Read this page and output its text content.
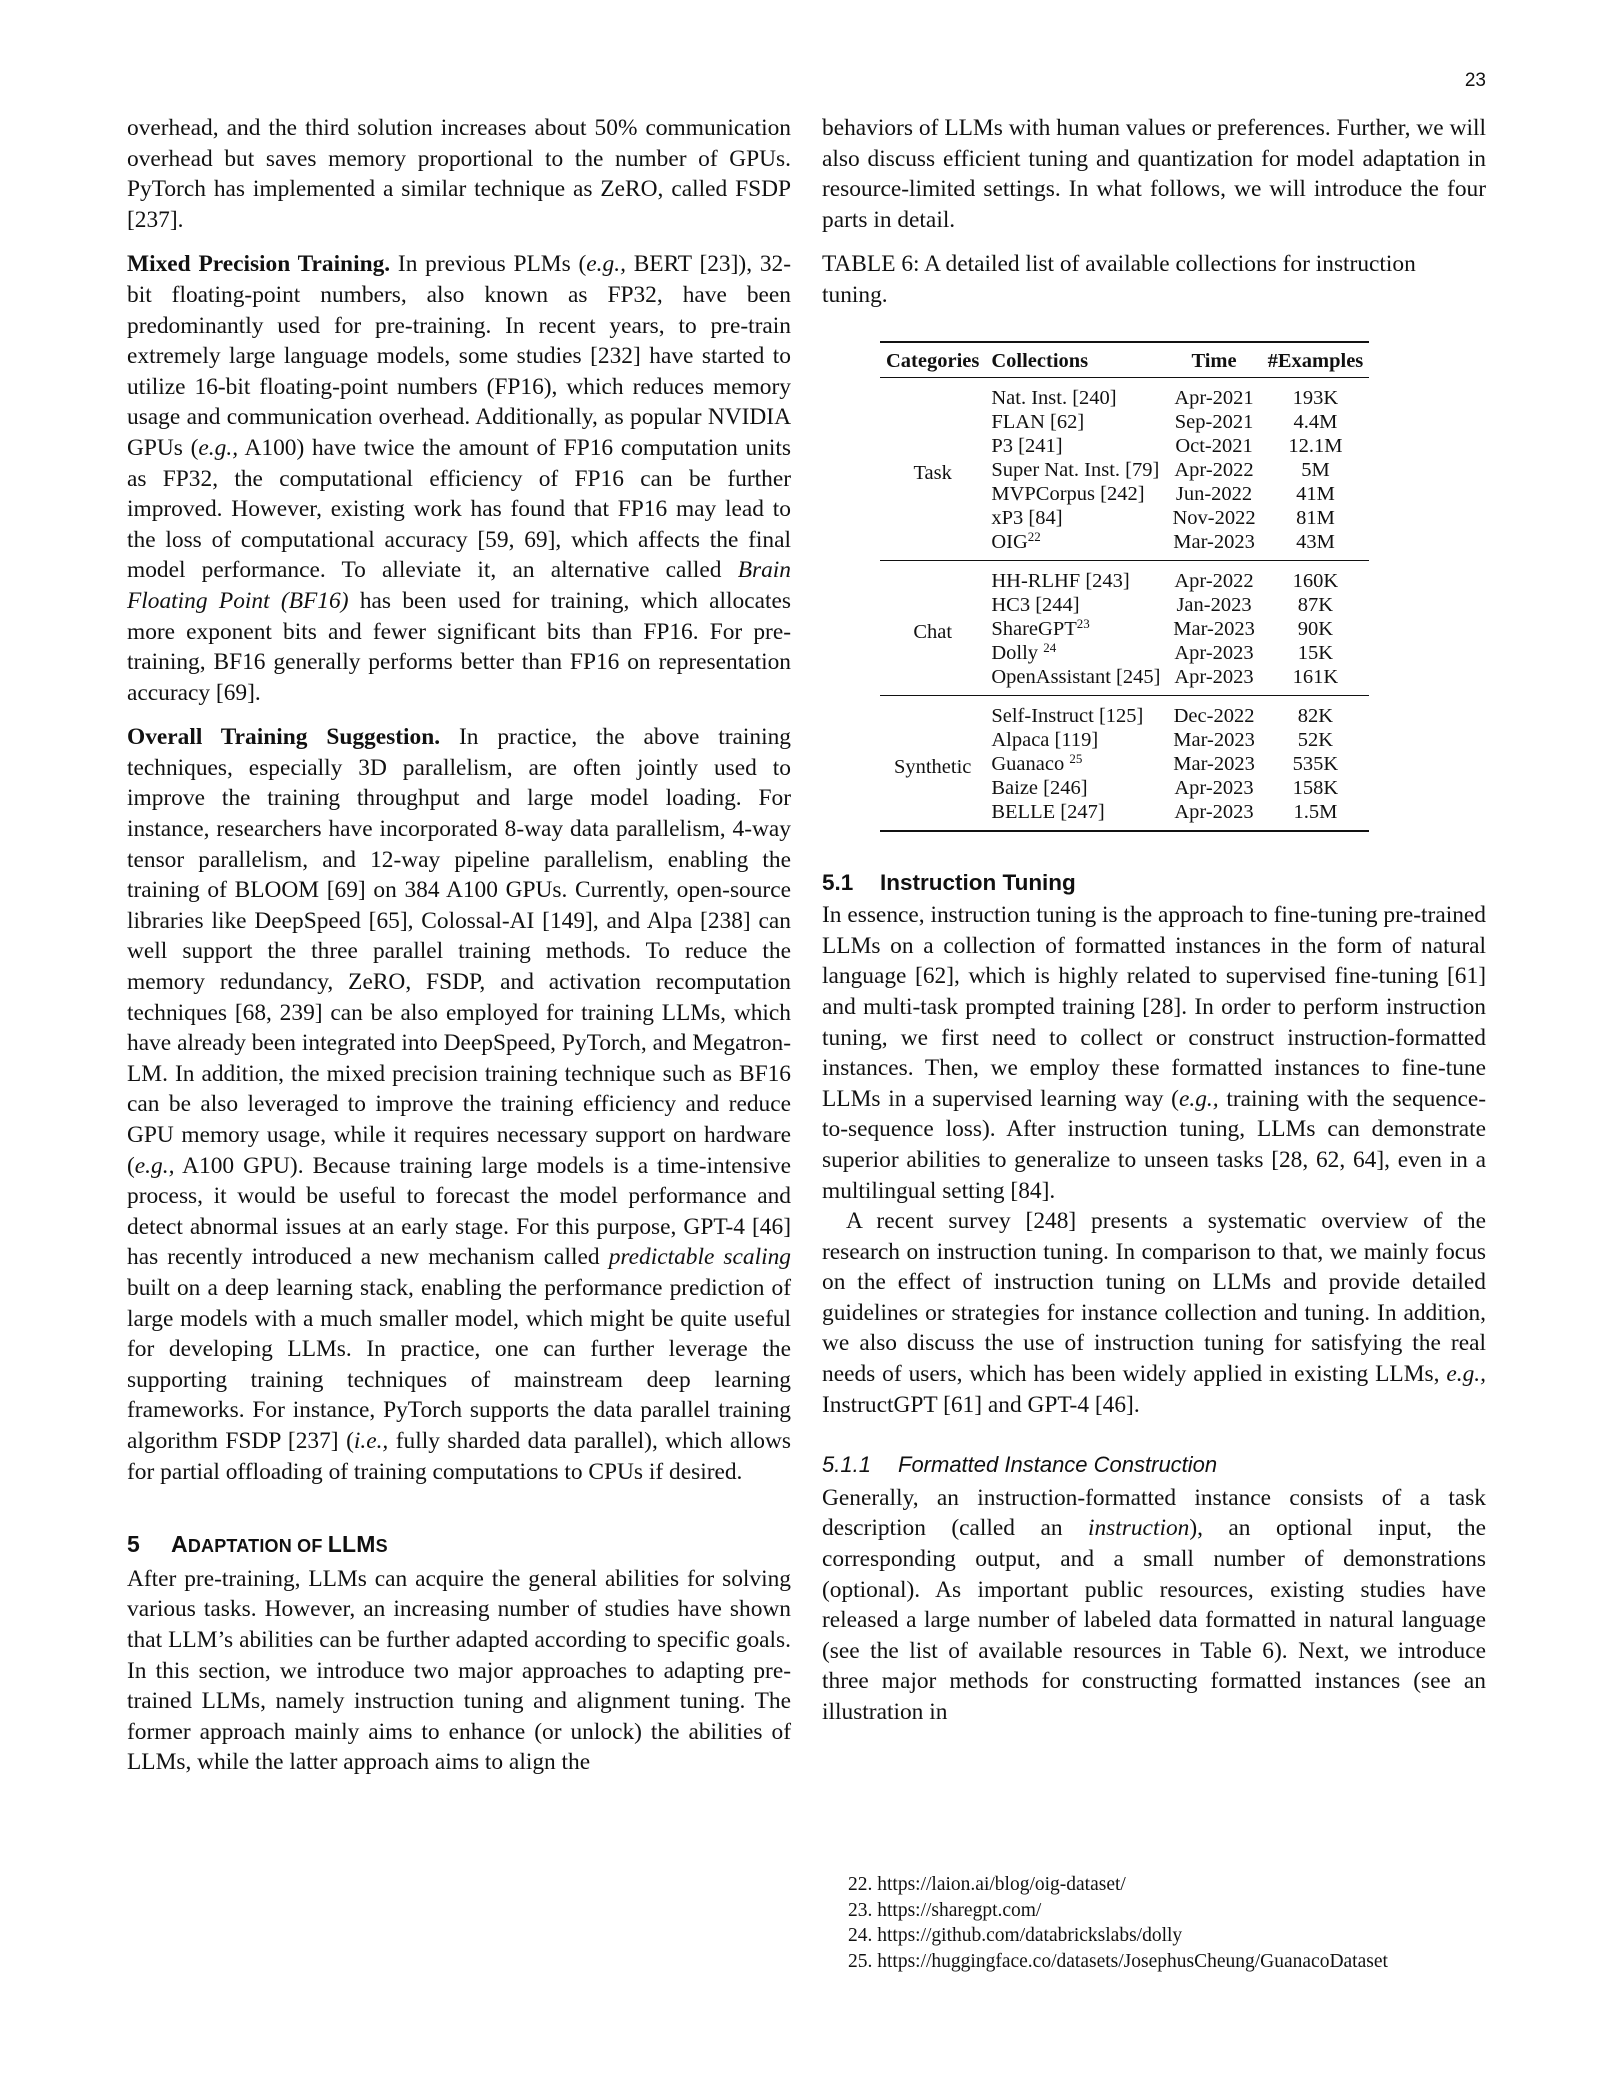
23

overhead, and the third solution increases about 50% communication overhead but saves memory proportional to the number of GPUs. PyTorch has implemented a similar technique as ZeRO, called FSDP [237].

Mixed Precision Training. In previous PLMs (e.g., BERT [23]), 32-bit floating-point numbers, also known as FP32, have been predominantly used for pre-training. In recent years, to pre-train extremely large language models, some studies [232] have started to utilize 16-bit floating-point numbers (FP16), which reduces memory usage and communication overhead. Additionally, as popular NVIDIA GPUs (e.g., A100) have twice the amount of FP16 computation units as FP32, the computational efficiency of FP16 can be further improved. However, existing work has found that FP16 may lead to the loss of computational accuracy [59, 69], which affects the final model performance. To alleviate it, an alternative called Brain Floating Point (BF16) has been used for training, which allocates more exponent bits and fewer significant bits than FP16. For pre-training, BF16 generally performs better than FP16 on representation accuracy [69].

Overall Training Suggestion. In practice, the above training techniques, especially 3D parallelism, are often jointly used to improve the training throughput and large model loading. For instance, researchers have incorporated 8-way data parallelism, 4-way tensor parallelism, and 12-way pipeline parallelism, enabling the training of BLOOM [69] on 384 A100 GPUs. Currently, open-source libraries like DeepSpeed [65], Colossal-AI [149], and Alpa [238] can well support the three parallel training methods. To reduce the memory redundancy, ZeRO, FSDP, and activation recomputation techniques [68, 239] can be also employed for training LLMs, which have already been integrated into DeepSpeed, PyTorch, and Megatron-LM. In addition, the mixed precision training technique such as BF16 can be also leveraged to improve the training efficiency and reduce GPU memory usage, while it requires necessary support on hardware (e.g., A100 GPU). Because training large models is a time-intensive process, it would be useful to forecast the model performance and detect abnormal issues at an early stage. For this purpose, GPT-4 [46] has recently introduced a new mechanism called predictable scaling built on a deep learning stack, enabling the performance prediction of large models with a much smaller model, which might be quite useful for developing LLMs. In practice, one can further leverage the supporting training techniques of mainstream deep learning frameworks. For instance, PyTorch supports the data parallel training algorithm FSDP [237] (i.e., fully sharded data parallel), which allows for partial offloading of training computations to CPUs if desired.

5 ADAPTATION OF LLMS

After pre-training, LLMs can acquire the general abilities for solving various tasks. However, an increasing number of studies have shown that LLM’s abilities can be further adapted according to specific goals. In this section, we introduce two major approaches to adapting pre-trained LLMs, namely instruction tuning and alignment tuning. The former approach mainly aims to enhance (or unlock) the abilities of LLMs, while the latter approach aims to align the

behaviors of LLMs with human values or preferences. Further, we will also discuss efficient tuning and quantization for model adaptation in resource-limited settings. In what follows, we will introduce the four parts in detail.

TABLE 6: A detailed list of available collections for instruction tuning.

Categories	Collections	Time	#Examples
Task	Nat. Inst. [240]	Apr-2021	193K
	FLAN [62]	Sep-2021	4.4M
	P3 [241]	Oct-2021	12.1M
	Super Nat. Inst. [79]	Apr-2022	5M
	MVPCorpus [242]	Jun-2022	41M
	xP3 [84]	Nov-2022	81M
	OIG$^{22}$	Mar-2023	43M
Chat	HH-RLHF [243]	Apr-2022	160K
	HC3 [244]	Jan-2023	87K
	ShareGPT$^{23}$	Mar-2023	90K
	Dolly $^{24}$	Apr-2023	15K
	OpenAssistant [245]	Apr-2023	161K
Synthetic	Self-Instruct [125]	Dec-2022	82K
	Alpaca [119]	Mar-2023	52K
	Guanaco $^{25}$	Mar-2023	535K
	Baize [246]	Apr-2023	158K
	BELLE [247]	Apr-2023	1.5M
5.1 Instruction Tuning

In essence, instruction tuning is the approach to fine-tuning pre-trained LLMs on a collection of formatted instances in the form of natural language [62], which is highly related to supervised fine-tuning [61] and multi-task prompted training [28]. In order to perform instruction tuning, we first need to collect or construct instruction-formatted instances. Then, we employ these formatted instances to fine-tune LLMs in a supervised learning way (e.g., training with the sequence-to-sequence loss). After instruction tuning, LLMs can demonstrate superior abilities to generalize to unseen tasks [28, 62, 64], even in a multilingual setting [84].

A recent survey [248] presents a systematic overview of the research on instruction tuning. In comparison to that, we mainly focus on the effect of instruction tuning on LLMs and provide detailed guidelines or strategies for instance collection and tuning. In addition, we also discuss the use of instruction tuning for satisfying the real needs of users, which has been widely applied in existing LLMs, e.g., InstructGPT [61] and GPT-4 [46].

5.1.1 Formatted Instance Construction

Generally, an instruction-formatted instance consists of a task description (called an instruction), an optional input, the corresponding output, and a small number of demonstrations (optional). As important public resources, existing studies have released a large number of labeled data formatted in natural language (see the list of available resources in Table 6). Next, we introduce three major methods for constructing formatted instances (see an illustration in

22. https://laion.ai/blog/oig-dataset/
23. https://sharegpt.com/
24. https://github.com/databrickslabs/dolly
25. https://huggingface.co/datasets/JosephusCheung/GuanacoDataset
